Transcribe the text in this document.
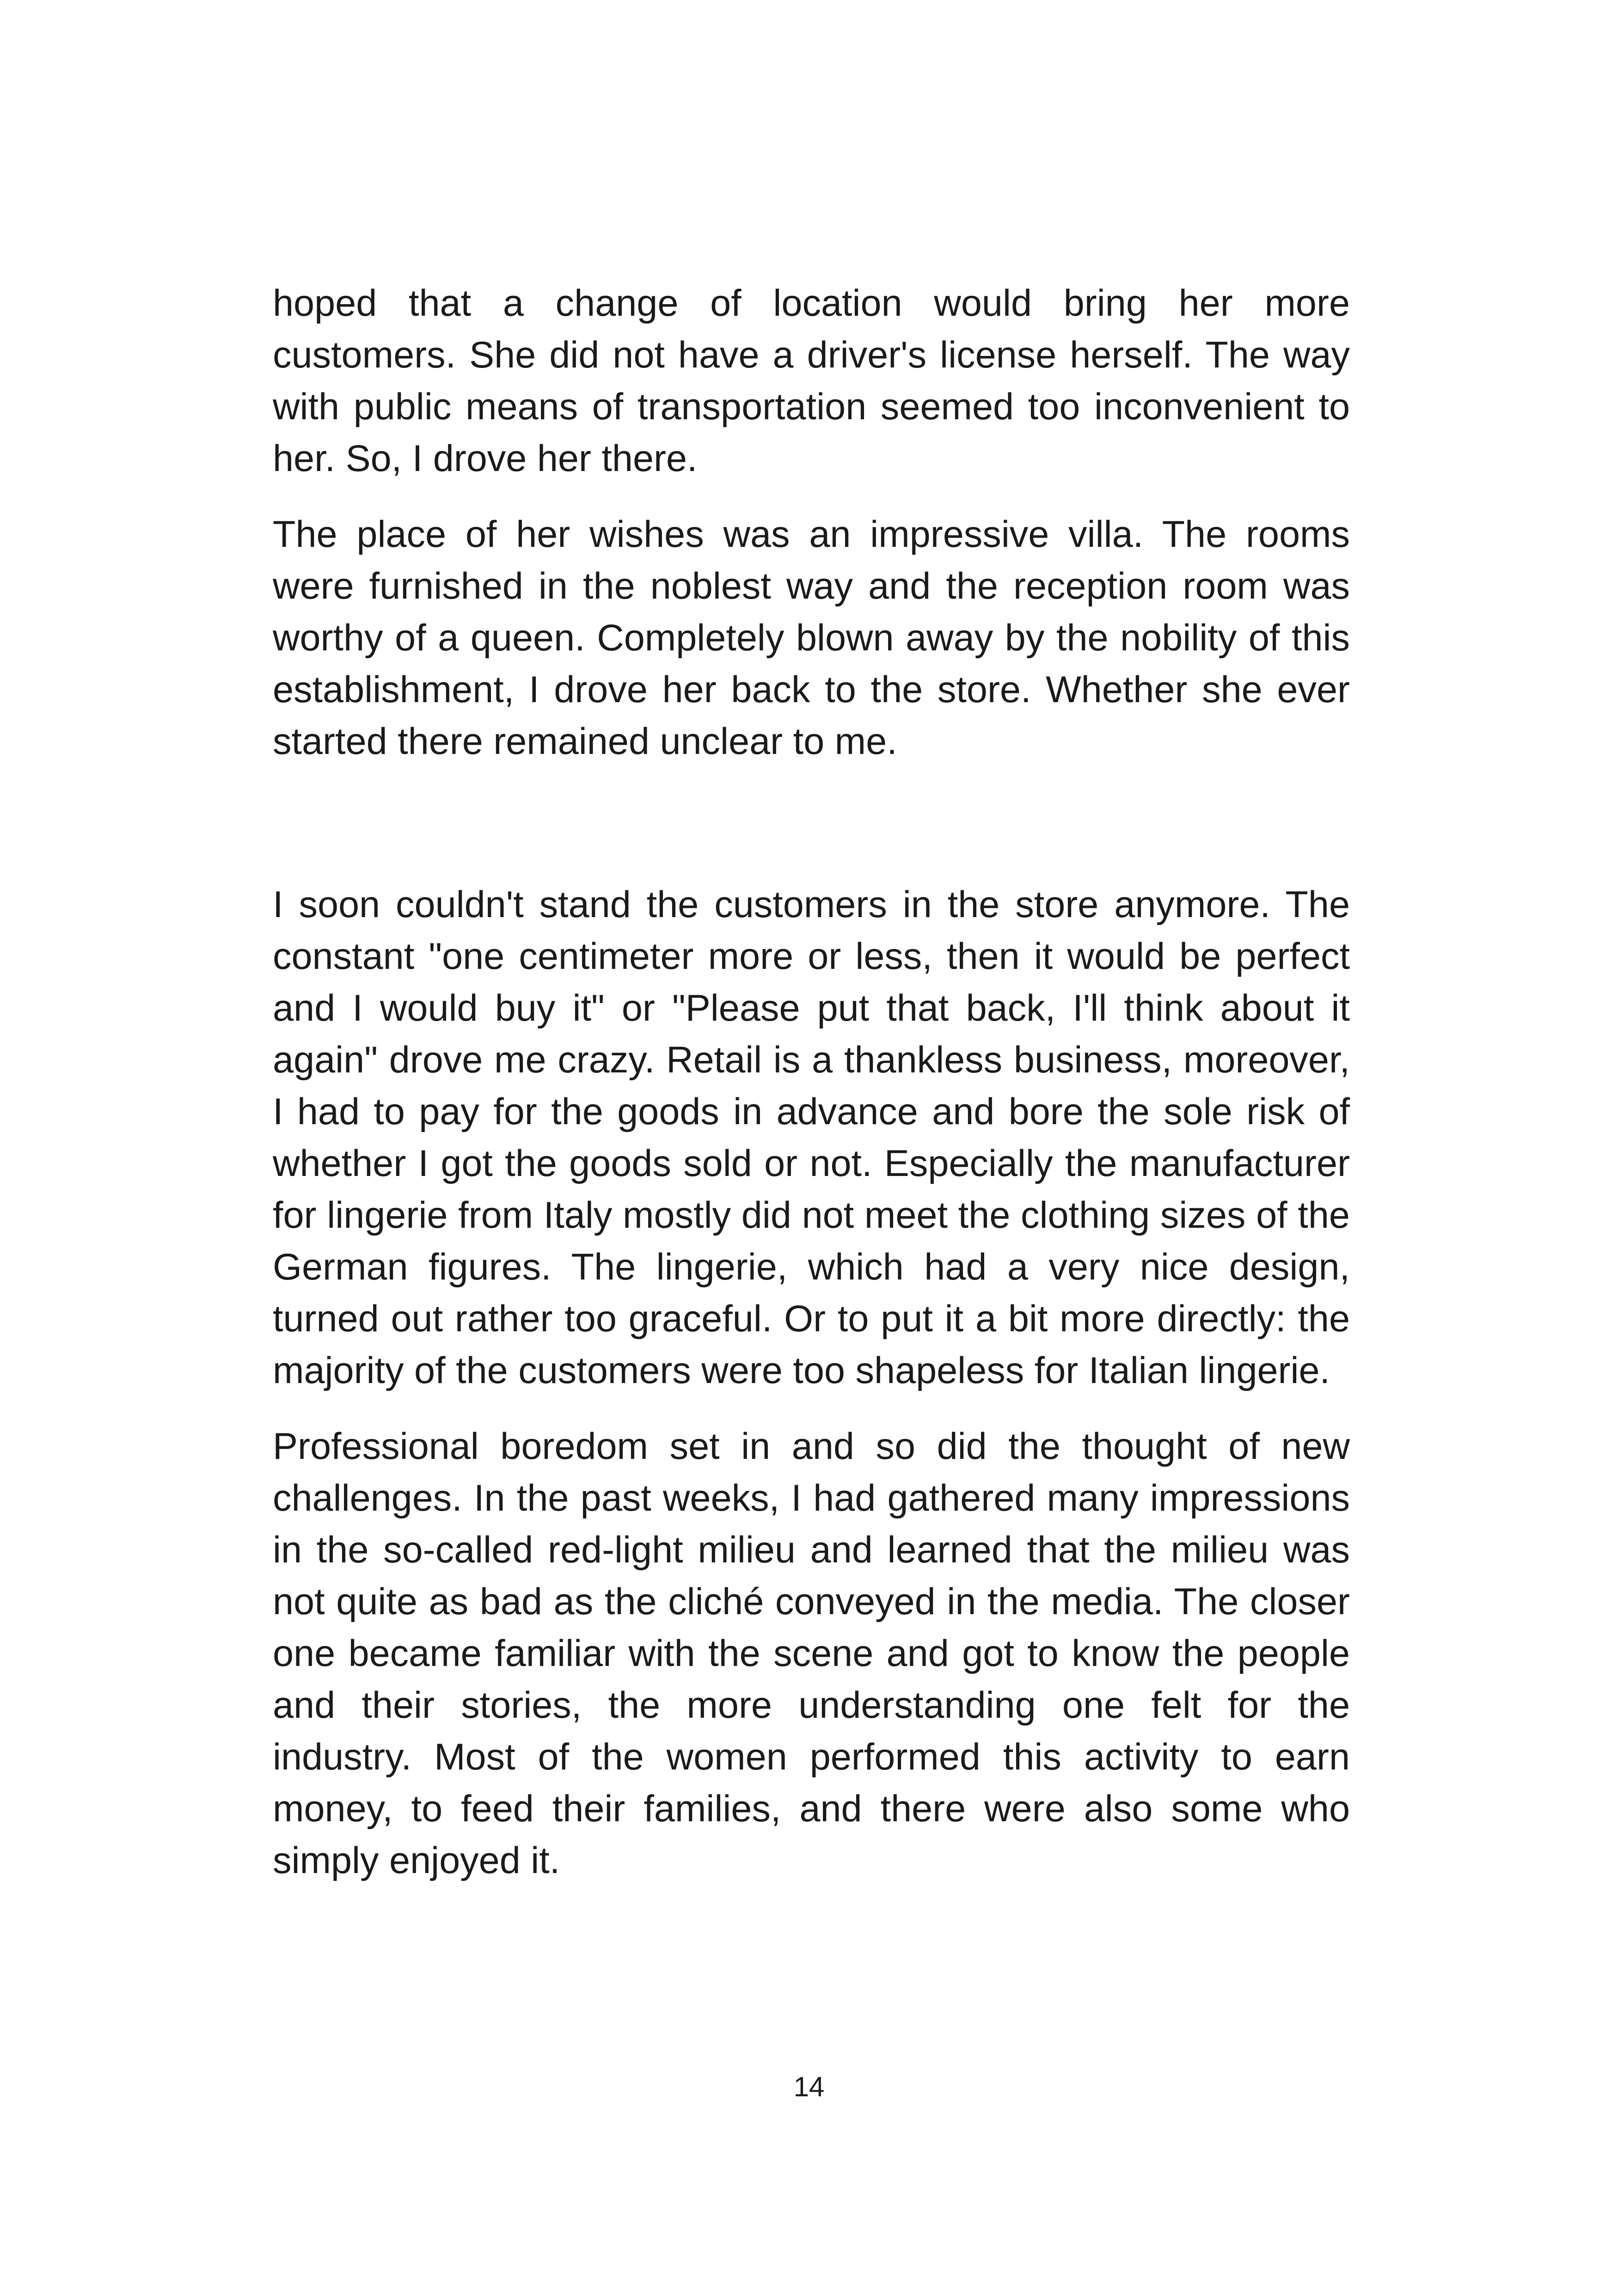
hoped that a change of location would bring her more customers. She did not have a driver's license herself. The way with public means of transportation seemed too inconvenient to her. So, I drove her there.

The place of her wishes was an impressive villa. The rooms were furnished in the noblest way and the reception room was worthy of a queen. Completely blown away by the nobility of this establishment, I drove her back to the store. Whether she ever started there remained unclear to me.

I soon couldn't stand the customers in the store anymore. The constant "one centimeter more or less, then it would be perfect and I would buy it" or "Please put that back, I'll think about it again" drove me crazy. Retail is a thankless business, moreover, I had to pay for the goods in advance and bore the sole risk of whether I got the goods sold or not. Especially the manufacturer for lingerie from Italy mostly did not meet the clothing sizes of the German figures. The lingerie, which had a very nice design, turned out rather too graceful. Or to put it a bit more directly: the majority of the customers were too shapeless for Italian lingerie.

Professional boredom set in and so did the thought of new challenges. In the past weeks, I had gathered many impressions in the so-called red-light milieu and learned that the milieu was not quite as bad as the cliché conveyed in the media. The closer one became familiar with the scene and got to know the people and their stories, the more understanding one felt for the industry. Most of the women performed this activity to earn money, to feed their families, and there were also some who simply enjoyed it.

14
